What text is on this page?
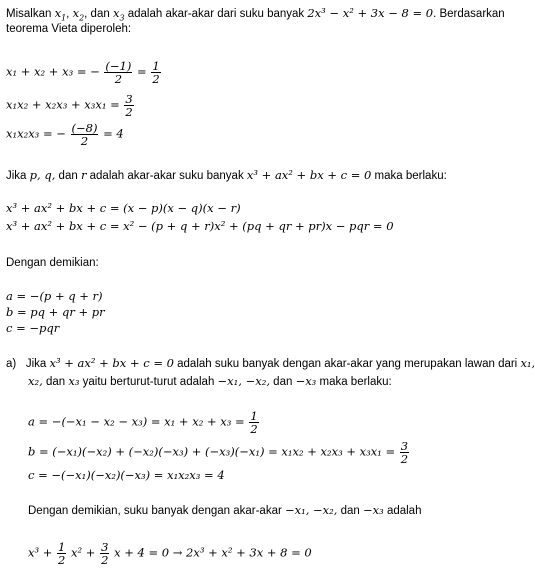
Misalkan $x_1$, $x_2$, dan $x_3$ adalah akar-akar dari suku banyak 2x³ − x² + 3x − 8 = 0. Berdasarkan
teorema Vieta diperoleh:
x₁ + x₂ + x₃ = − $\frac{(-1)}{2} = \frac{1}{2}$
$x_1x_2 + x_2x_3 + x_3x_1 = \frac{3}{2}$
x₁x₂x₃ = − $\frac{(-8)}{2} = 4$
Jika p, q, dan r adalah akar-akar suku banyak x³ + ax² + bx + c = 0 maka berlaku:
x³ + ax² + bx + c = (x − p)(x − q)(x − r)
x³ + ax² + bx + c = x² − (p + q + r)x² + (pq + qr + pr)x − pqr = 0
Dengan demikian:
a = −(p + q + r)
b = pq + qr + pr
c = −pqr
a) Jika x³ + ax² + bx + c = 0 adalah suku banyak dengan akar-akar yang merupakan lawan dari x₁,
x₂, dan x₃ yaitu berturut-turut adalah −x₁, −x₂, dan −x₃ maka berlaku:
$a = -(-x_1 - x_2 - x_3) = x_1 + x_2 + x_3 = \frac{1}{2}$
$b = (-x_1)(-x_2) + (-x_2)(-x_3) + (-x_3)(-x_1) = x_1x_2 + x_2x_3 + x_3x_1 = \frac{3}{2}$
c = −(−x₁)(−x₂)(−x₃) = x₁x₂x₃ = 4
Dengan demikian, suku banyak dengan akar-akar −x₁, −x₂, dan −x₃ adalah
$x^3 + \frac{1}{2} x^2 + \frac{3}{2}$ x + 4 = 0 → 2x³ + x² + 3x + 8 = 0
